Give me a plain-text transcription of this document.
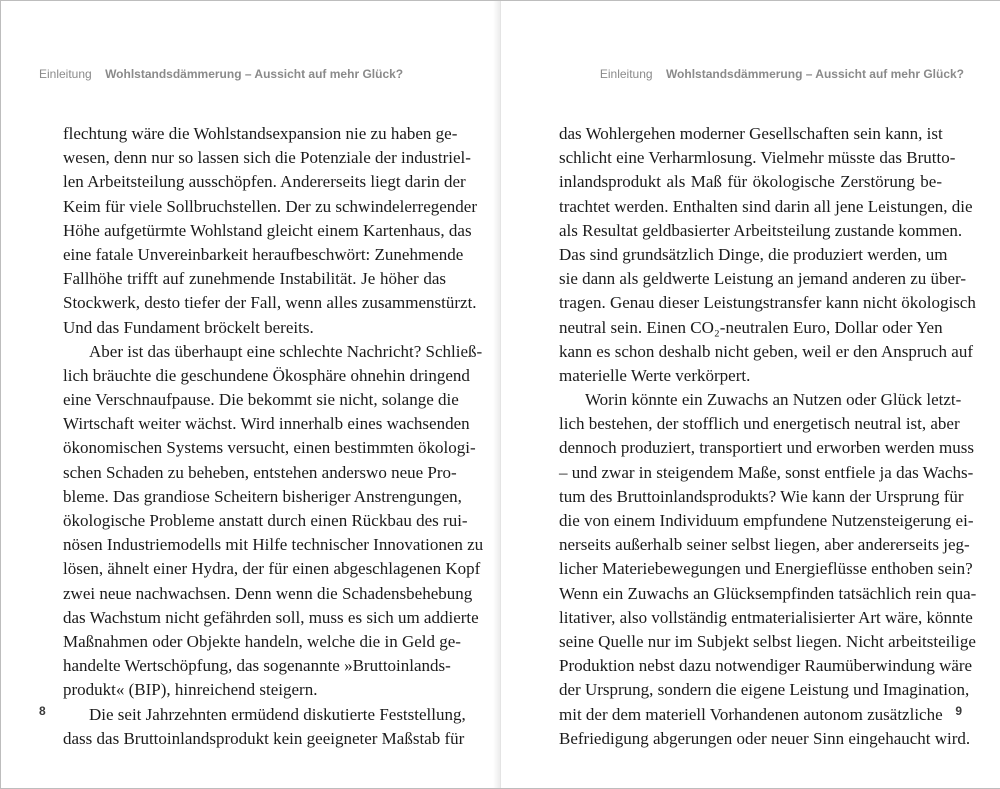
Einleitung Wohlstandsdämmerung – Aussicht auf mehr Glück?
flechtung wäre die Wohlstandsexpansion nie zu haben ge-
wesen, denn nur so lassen sich die Potenziale der industriel-
len Arbeitsteilung ausschöpfen. Andererseits liegt darin der
Keim für viele Sollbruchstellen. Der zu schwindelerregender
Höhe aufgetürmte Wohlstand gleicht einem Kartenhaus, das
eine fatale Unvereinbarkeit heraufbeschwört: Zunehmende
Fallhöhe trifft auf zunehmende Instabilität. Je höher das
Stockwerk, desto tiefer der Fall, wenn alles zusammenstürzt.
Und das Fundament bröckelt bereits.
Aber ist das überhaupt eine schlechte Nachricht? Schließ-
lich bräuchte die geschundene Ökosphäre ohnehin dringend
eine Verschnaufpause. Die bekommt sie nicht, solange die
Wirtschaft weiter wächst. Wird innerhalb eines wachsenden
ökonomischen Systems versucht, einen bestimmten ökologi-
schen Schaden zu beheben, entstehen anderswo neue Pro-
bleme. Das grandiose Scheitern bisheriger Anstrengungen,
ökologische Probleme anstatt durch einen Rückbau des rui-
nösen Industriemodells mit Hilfe technischer Innovationen zu
lösen, ähnelt einer Hydra, der für einen abgeschlagenen Kopf
zwei neue nachwachsen. Denn wenn die Schadensbehebung
das Wachstum nicht gefährden soll, muss es sich um addierte
Maßnahmen oder Objekte handeln, welche die in Geld ge-
handelte Wertschöpfung, das sogenannte »Bruttoinlands-
produkt« (BIP), hinreichend steigern.
Die seit Jahrzehnten ermüdend diskutierte Feststellung,
dass das Bruttoinlandsprodukt kein geeigneter Maßstab für
8
Einleitung Wohlstandsdämmerung – Aussicht auf mehr Glück?
das Wohlergehen moderner Gesellschaften sein kann, ist
schlicht eine Verharmlosung. Vielmehr müsste das Brutto-
inlandsprodukt als Maß für ökologische Zerstörung be-
trachtet werden. Enthalten sind darin all jene Leistungen, die
als Resultat geldbasierter Arbeitsteilung zustande kommen.
Das sind grundsätzlich Dinge, die produziert werden, um
sie dann als geldwerte Leistung an jemand anderen zu über-
tragen. Genau dieser Leistungstransfer kann nicht ökologisch
neutral sein. Einen CO₂-neutralen Euro, Dollar oder Yen
kann es schon deshalb nicht geben, weil er den Anspruch auf
materielle Werte verkörpert.
Worin könnte ein Zuwachs an Nutzen oder Glück letzt-
lich bestehen, der stofflich und energetisch neutral ist, aber
dennoch produziert, transportiert und erworben werden muss
– und zwar in steigendem Maße, sonst entfiele ja das Wachs-
tum des Bruttoinlandsprodukts? Wie kann der Ursprung für
die von einem Individuum empfundene Nutzensteigerung ei-
nerseits außerhalb seiner selbst liegen, aber andererseits jeg-
licher Materiebewegungen und Energieflüsse enthoben sein?
Wenn ein Zuwachs an Glücksempfinden tatsächlich rein qua-
litativer, also vollständig entmaterialisierter Art wäre, könnte
seine Quelle nur im Subjekt selbst liegen. Nicht arbeitsteilige
Produktion nebst dazu notwendiger Raumüberwindung wäre
der Ursprung, sondern die eigene Leistung und Imagination,
mit der dem materiell Vorhandenen autonom zusätzliche
Befriedigung abgerungen oder neuer Sinn eingehaucht wird.
9
